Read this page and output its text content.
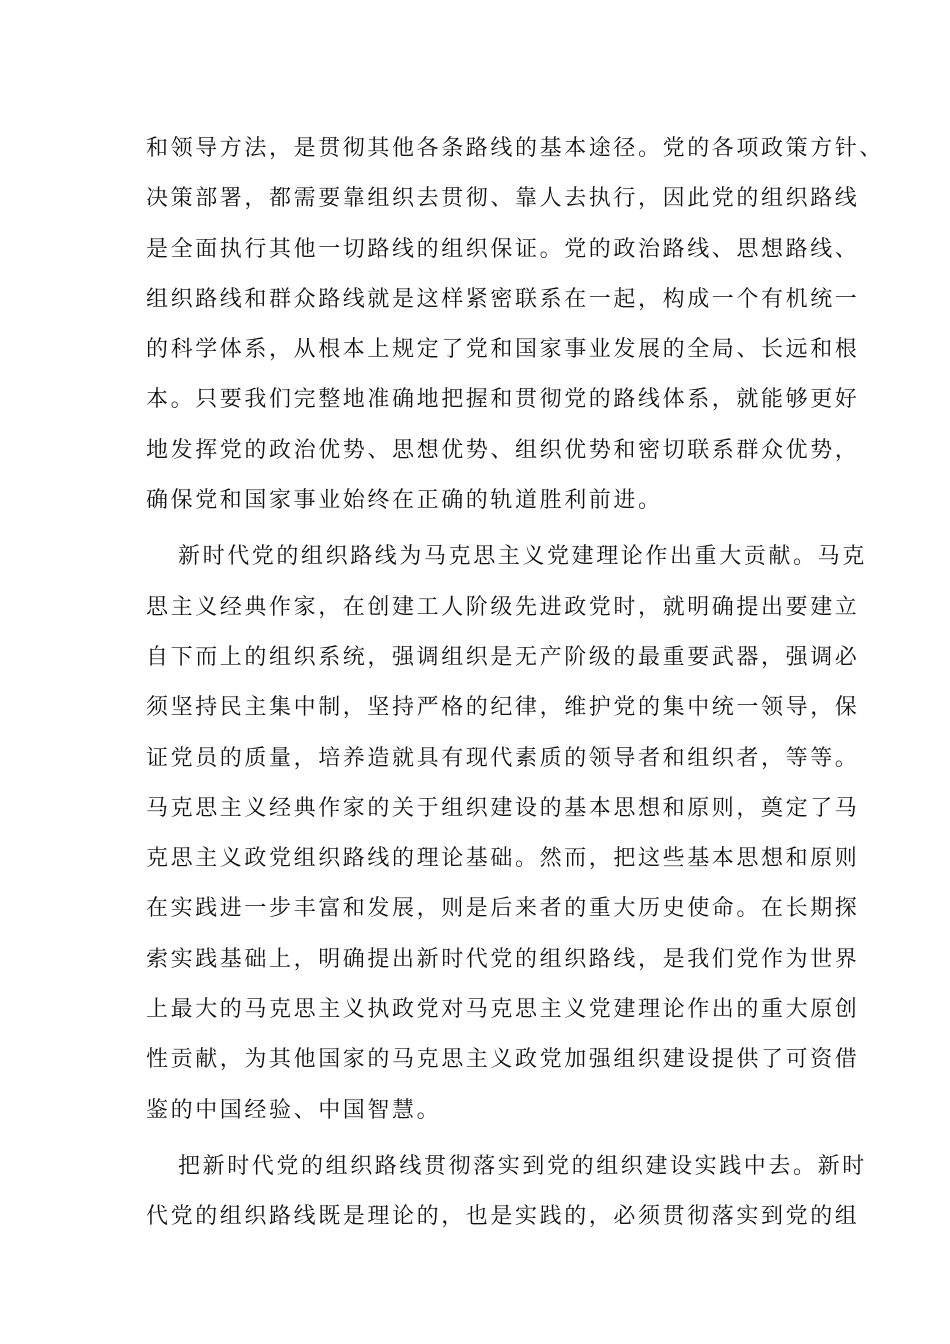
和领导方法，是贯彻其他各条路线的基本途径。党的各项政策方针、
决策部署，都需要靠组织去贯彻、靠人去执行，因此党的组织路线
是全面执行其他一切路线的组织保证。党的政治路线、思想路线、
组织路线和群众路线就是这样紧密联系在一起，构成一个有机统一
的科学体系，从根本上规定了党和国家事业发展的全局、长远和根
本。只要我们完整地准确地把握和贯彻党的路线体系，就能够更好
地发挥党的政治优势、思想优势、组织优势和密切联系群众优势，
确保党和国家事业始终在正确的轨道胜利前进。
新时代党的组织路线为马克思主义党建理论作出重大贡献。马克
思主义经典作家，在创建工人阶级先进政党时，就明确提出要建立
自下而上的组织系统，强调组织是无产阶级的最重要武器，强调必
须坚持民主集中制，坚持严格的纪律，维护党的集中统一领导，保
证党员的质量，培养造就具有现代素质的领导者和组织者，等等。
马克思主义经典作家的关于组织建设的基本思想和原则，奠定了马
克思主义政党组织路线的理论基础。然而，把这些基本思想和原则
在实践进一步丰富和发展，则是后来者的重大历史使命。在长期探
索实践基础上，明确提出新时代党的组织路线，是我们党作为世界
上最大的马克思主义执政党对马克思主义党建理论作出的重大原创
性贡献，为其他国家的马克思主义政党加强组织建设提供了可资借
鉴的中国经验、中国智慧。
把新时代党的组织路线贯彻落实到党的组织建设实践中去。新时
代党的组织路线既是理论的，也是实践的，必须贯彻落实到党的组
